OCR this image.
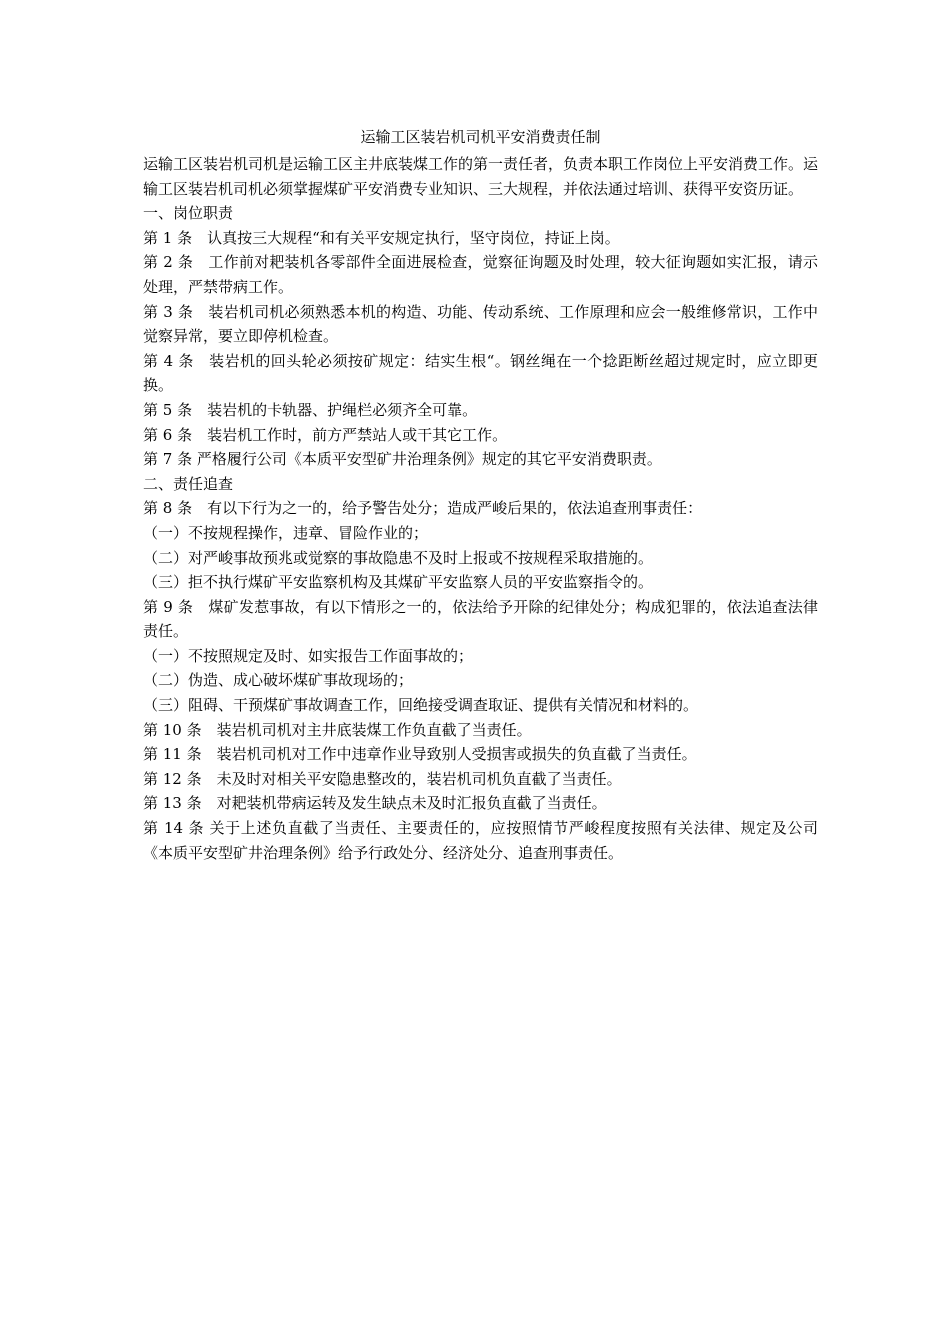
运输工区装岩机司机平安消费责任制

运输工区装岩机司机是运输工区主井底装煤工作的第一责任者，负责本职工作岗位上平安消费工作。运输工区装岩机司机必须掌握煤矿平安消费专业知识、三大规程，并依法通过培训、获得平安资历证。

一、岗位职责

第 1 条　认真按三大规程“和有关平安规定执行，坚守岗位，持证上岗。

第 2 条　工作前对耙装机各零部件全面进展检查，觉察征询题及时处理，较大征询题如实汇报，请示处理，严禁带病工作。

第 3 条　装岩机司机必须熟悉本机的构造、功能、传动系统、工作原理和应会一般维修常识，工作中觉察异常，要立即停机检查。

第 4 条　装岩机的回头轮必须按矿规定：结实生根“。钢丝绳在一个捻距断丝超过规定时，应立即更换。

第 5 条　装岩机的卡轨器、护绳栏必须齐全可靠。

第 6 条　装岩机工作时，前方严禁站人或干其它工作。

第 7 条 严格履行公司《本质平安型矿井治理条例》规定的其它平安消费职责。

二、责任追查

第 8 条　有以下行为之一的，给予警告处分；造成严峻后果的，依法追查刑事责任：

（一）不按规程操作，违章、冒险作业的；

（二）对严峻事故预兆或觉察的事故隐患不及时上报或不按规程采取措施的。

（三）拒不执行煤矿平安监察机构及其煤矿平安监察人员的平安监察指令的。

第 9 条　煤矿发惹事故，有以下情形之一的，依法给予开除的纪律处分；构成犯罪的，依法追查法律责任。

（一）不按照规定及时、如实报告工作面事故的；

（二）伪造、成心破坏煤矿事故现场的；

（三）阻碍、干预煤矿事故调查工作，回绝接受调查取证、提供有关情况和材料的。

第 10 条　装岩机司机对主井底装煤工作负直截了当责任。

第 11 条　装岩机司机对工作中违章作业导致别人受损害或损失的负直截了当责任。

第 12 条　未及时对相关平安隐患整改的，装岩机司机负直截了当责任。

第 13 条　对耙装机带病运转及发生缺点未及时汇报负直截了当责任。

第 14 条 关于上述负直截了当责任、主要责任的，应按照情节严峻程度按照有关法律、规定及公司《本质平安型矿井治理条例》给予行政处分、经济处分、追查刑事责任。
